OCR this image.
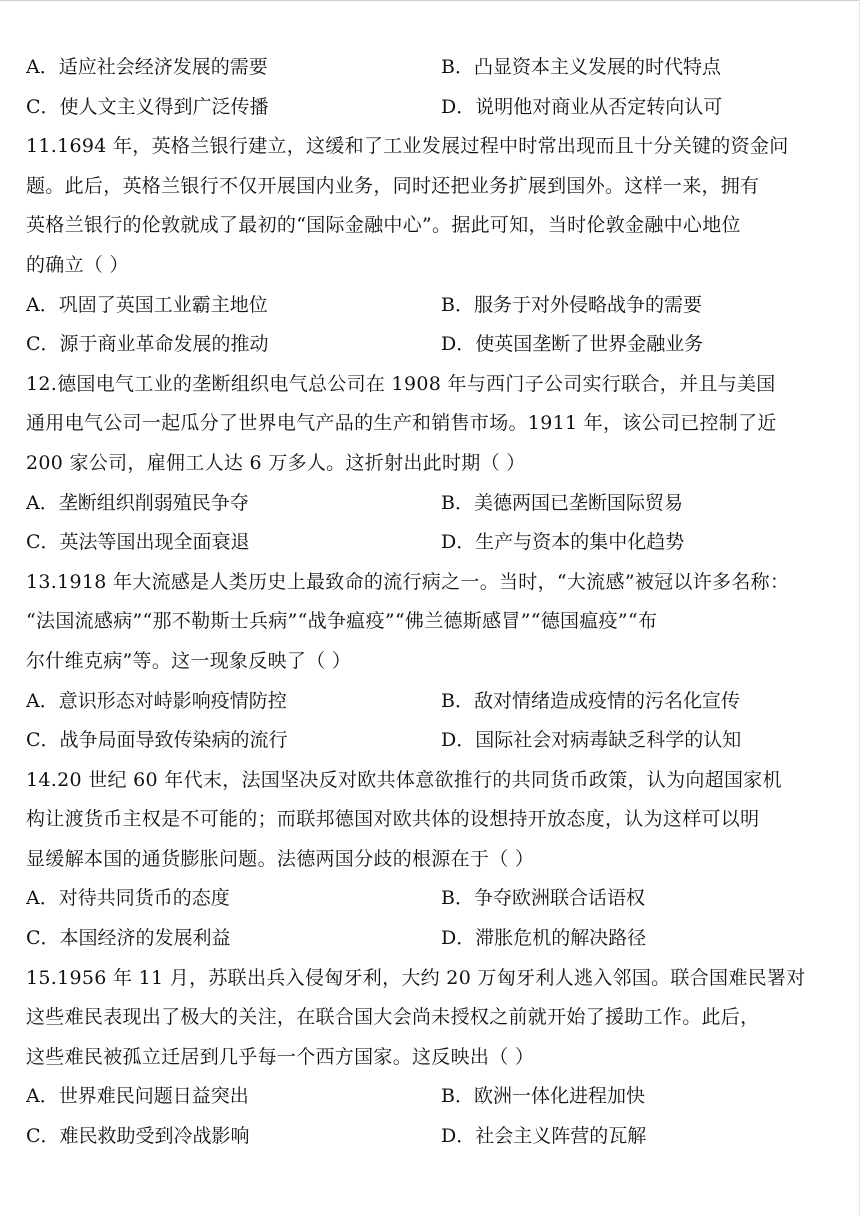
A．适应社会经济发展的需要	B．凸显资本主义发展的时代特点
C．使人文主义得到广泛传播	D．说明他对商业从否定转向认可
11.1694 年，英格兰银行建立，这缓和了工业发展过程中时常出现而且十分关键的资金问
题。此后，英格兰银行不仅开展国内业务，同时还把业务扩展到国外。这样一来，拥有
英格兰银行的伦敦就成了最初的“国际金融中心”。据此可知，当时伦敦金融中心地位
的确立（ ）
A．巩固了英国工业霸主地位	B．服务于对外侵略战争的需要
C．源于商业革命发展的推动	D．使英国垄断了世界金融业务
12.德国电气工业的垄断组织电气总公司在 1908 年与西门子公司实行联合，并且与美国
通用电气公司一起瓜分了世界电气产品的生产和销售市场。1911 年，该公司已控制了近
200 家公司，雇佣工人达 6 万多人。这折射出此时期（ ）
A．垄断组织削弱殖民争夺	B．美德两国已垄断国际贸易
C．英法等国出现全面衰退	D．生产与资本的集中化趋势
13.1918 年大流感是人类历史上最致命的流行病之一。当时，“大流感”被冠以许多名称：
“法国流感病”“那不勒斯士兵病”“战争瘟疫”“佛兰德斯感冒”“德国瘟疫”“布
尔什维克病”等。这一现象反映了（ ）
A．意识形态对峙影响疫情防控	B．敌对情绪造成疫情的污名化宣传
C．战争局面导致传染病的流行	D．国际社会对病毒缺乏科学的认知
14.20 世纪 60 年代末，法国坚决反对欧共体意欲推行的共同货币政策，认为向超国家机
构让渡货币主权是不可能的；而联邦德国对欧共体的设想持开放态度，认为这样可以明
显缓解本国的通货膨胀问题。法德两国分歧的根源在于（ ）
A．对待共同货币的态度	B．争夺欧洲联合话语权
C．本国经济的发展利益	D．滞胀危机的解决路径
15.1956 年 11 月，苏联出兵入侵匈牙利，大约 20 万匈牙利人逃入邻国。联合国难民署对
这些难民表现出了极大的关注，在联合国大会尚未授权之前就开始了援助工作。此后，
这些难民被孤立迁居到几乎每一个西方国家。这反映出（ ）
A．世界难民问题日益突出	B．欧洲一体化进程加快
C．难民救助受到冷战影响	D．社会主义阵营的瓦解
